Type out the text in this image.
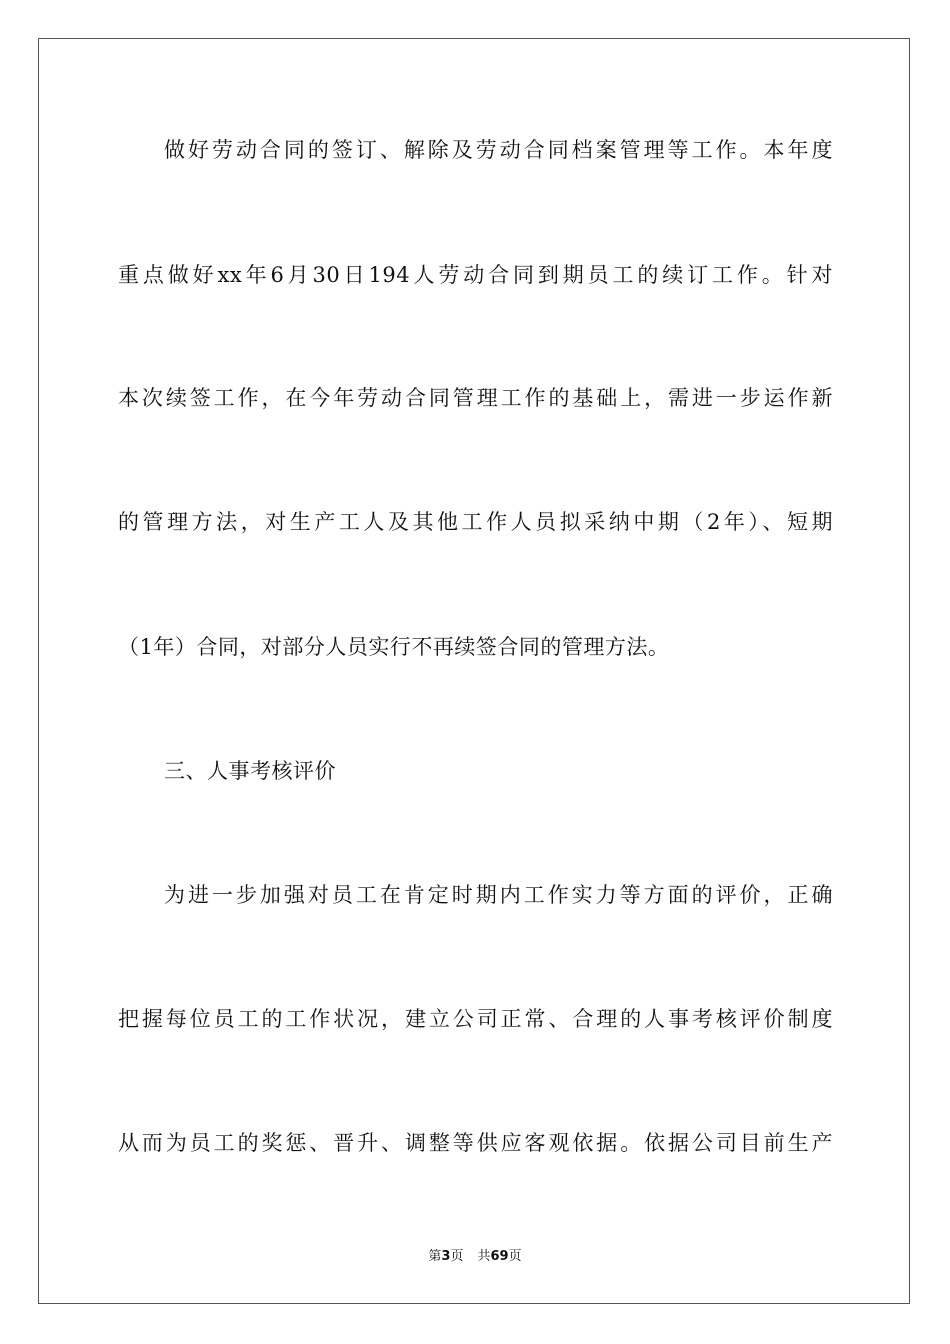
做好劳动合同的签订、解除及劳动合同档案管理等工作。本年度
重点做好xx年6月30日194人劳动合同到期员工的续订工作。针对
本次续签工作，在今年劳动合同管理工作的基础上，需进一步运作新
的管理方法，对生产工人及其他工作人员拟采纳中期（2年）、短期
（1年）合同，对部分人员实行不再续签合同的管理方法。
三、人事考核评价
为进一步加强对员工在肯定时期内工作实力等方面的评价，正确
把握每位员工的工作状况，建立公司正常、合理的人事考核评价制度
从而为员工的奖惩、晋升、调整等供应客观依据。依据公司目前生产
第3页 共69页
